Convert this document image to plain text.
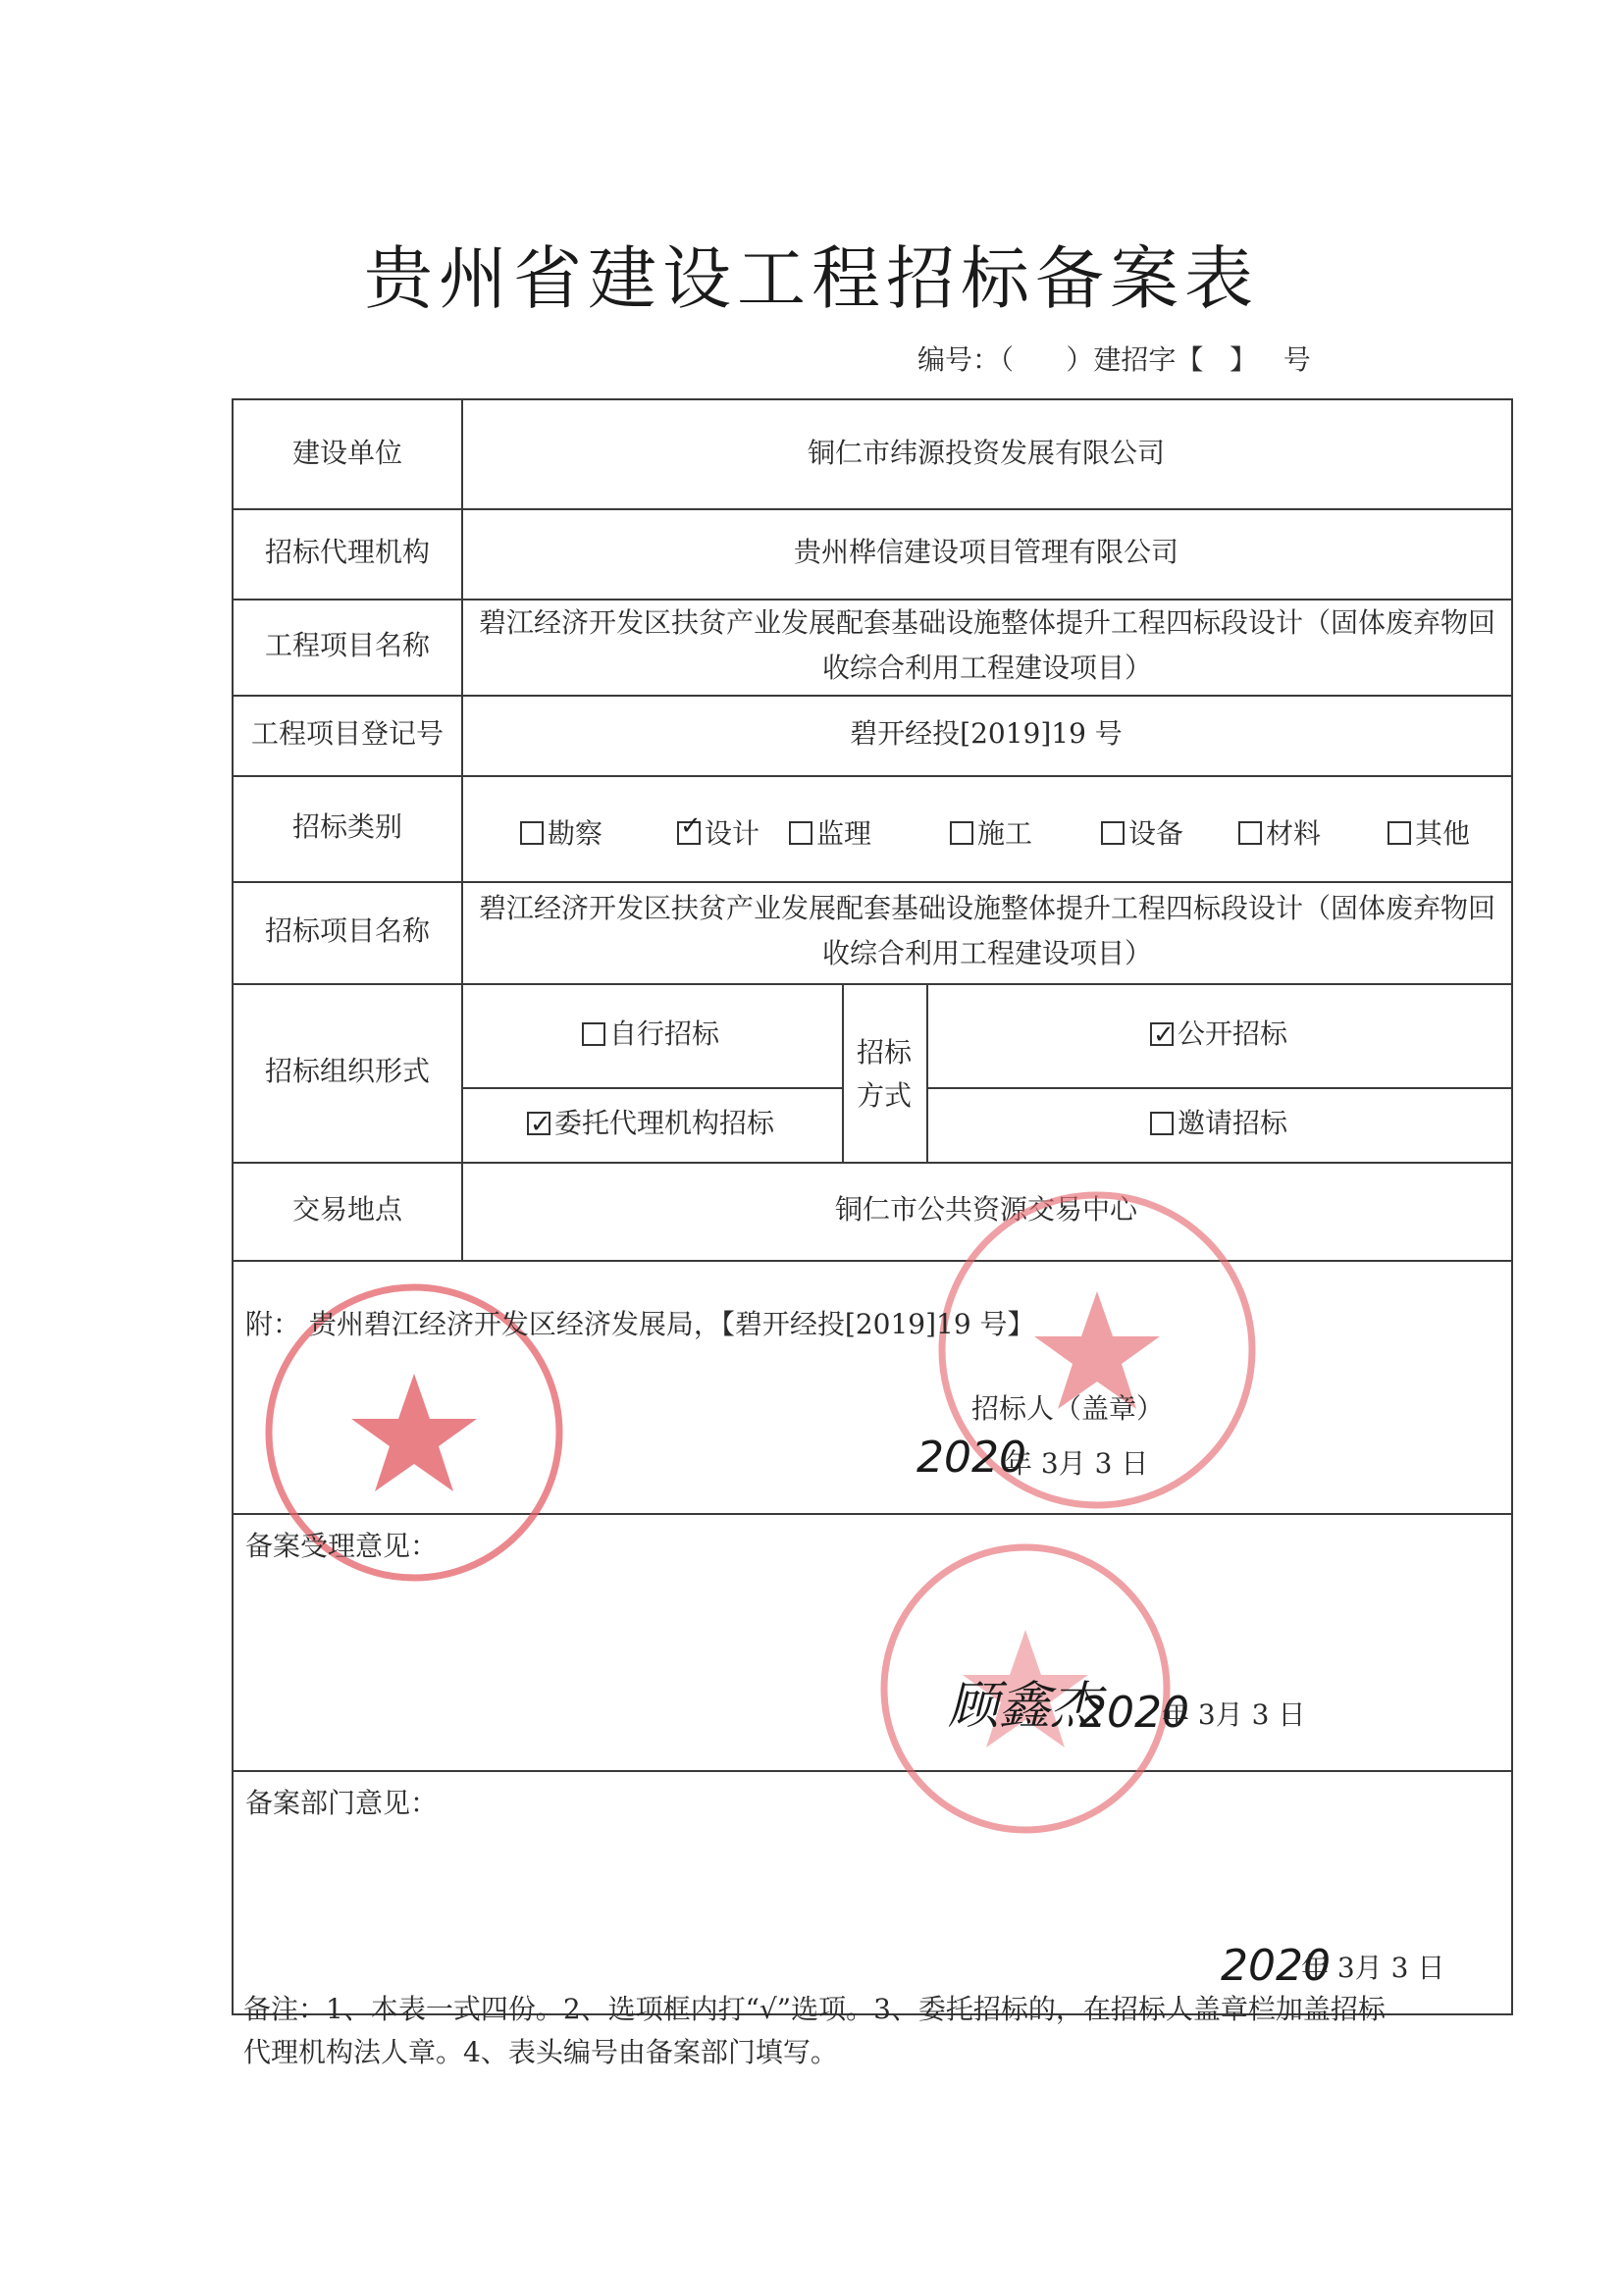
贵州省建设工程招标备案表
编号：（      ）建招字【   】   号
建设单位	铜仁市纬源投资发展有限公司
招标代理机构	贵州桦信建设项目管理有限公司
工程项目名称
碧江经济开发区扶贫产业发展配套基础设施整体提升工程四标段设计（固体废弃物回收综合利用工程建设项目）
工程项目登记号	碧开经投[2019]19 号
招标类别	勘察
✓	设计	监理	施工	设备	材料	其他
招标项目名称
碧江经济开发区扶贫产业发展配套基础设施整体提升工程四标段设计（固体废弃物回收综合利用工程建设项目）
招标组织形式
自行招标
✓
委托代理机构招标
招标方式
✓
公开招标
邀请招标
交易地点	铜仁市公共资源交易中心
附： 贵州碧江经济开发区经济发展局，【碧开经投[2019]19 号】
招标人（盖章）
2020
年 3月 3 日
备案受理意见：
顾鑫杰
2020
年 3月 3 日
备案部门意见：
2020
年 3月 3 日
备注：1、本表一式四份。2、选项框内打“√”选项。3、委托招标的，在招标人盖章栏加盖招标代理机构法人章。4、表头编号由备案部门填写。
